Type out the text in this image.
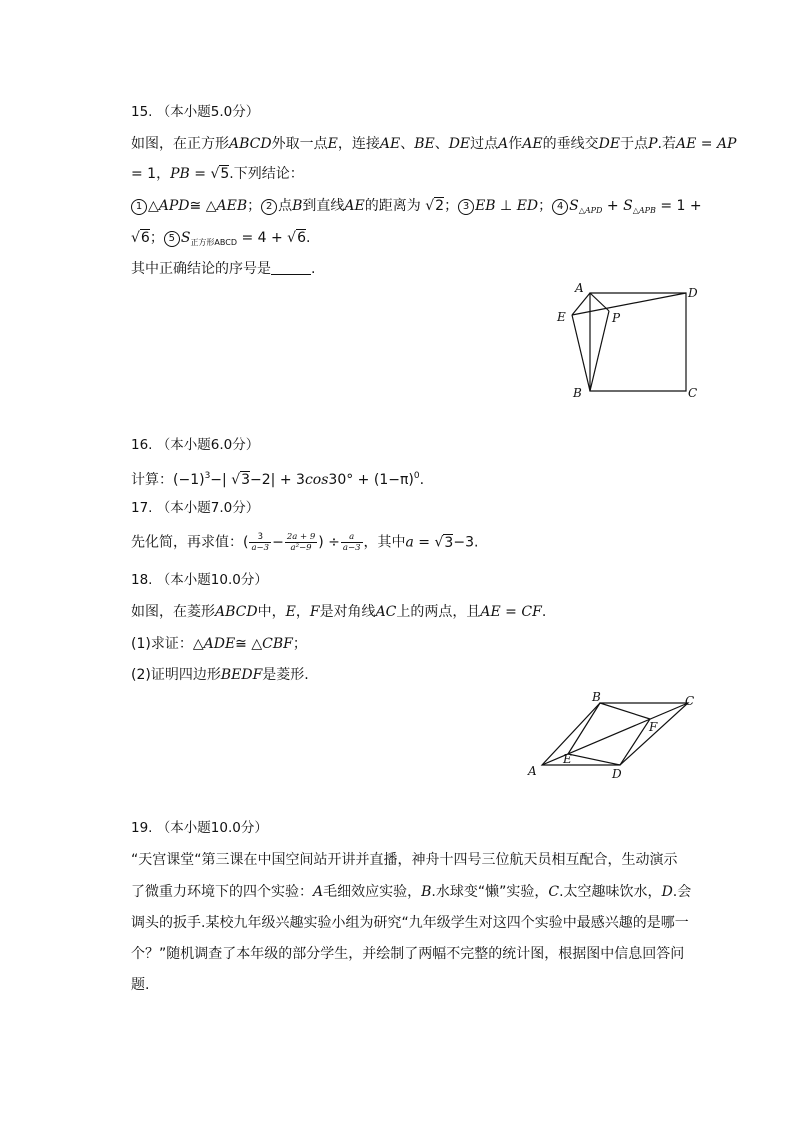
15. （本小题5.0分）
如图，在正方形ABCD外取一点E，连接AE、BE、DE过点A作AE的垂线交DE于点P.若AE = AP
= 1，PB = √5.下列结论：
1 △APD≅ △AEB； 2 点B到直线AE的距离为 √2； 3 EB ⊥ ED； 4 $S_{\triangle APD} + S_{\triangle APB} = 1$ +
√6； 5 $S_{正方形ABCD} = 4 + √6$.
其中正确结论的序号是	.
A	D
E	P
B	C
16. （本小题6.0分）
计算：$(-1)^3-|$ $√3-2| + 3\cos 30^\circ + (1-\pi)^0$.
17. （本小题7.0分）
先化简，再求值：( $\frac{3}{a-3} - \frac{2a + 9}{\text{a²−9}}$ ) ÷ $\frac{a}{a-3}$ ，其中a = √3−3.
18. （本小题10.0分）
如图，在菱形ABCD中，E，F是对角线AC上的两点，且AE = CF.
(1)求证：△ADE≅ △CBF；
(2)证明四边形BEDF是菱形.
A
B	C
D
E
F
19. （本小题10.0分）
“天宫课堂“第三课在中国空间站开讲并直播，神舟十四号三位航天员相互配合，生动演示
了微重力环境下的四个实验：A毛细效应实验，B.水球变“懒”实验，C.太空趣味饮水，D.会
调头的扳手.某校九年级兴趣实验小组为研究“九年级学生对这四个实验中最感兴趣的是哪一
个？”随机调查了本年级的部分学生，并绘制了两幅不完整的统计图，根据图中信息回答问
题.
